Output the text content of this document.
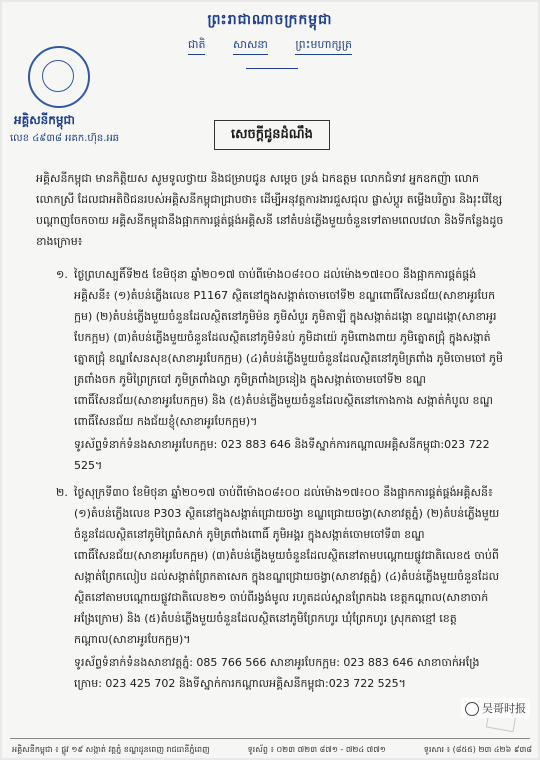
ព្រះរាជាណាចក្រកម្ពុជា
ជាតិ	សាសនា	ព្រះមហាក្សត្រ
អគ្គិសនីកម្ពុជា
លេខ ៤៩៣៨ អគក.ហ៊ុន.អឆ	សេចក្តីជូនដំណឹង
អគ្គិសនីកម្ពុជា មានកិត្តិយស សូមទូលថ្វាយ និងជម្រាបជូន សម្តេច ទ្រង់ ឯកឧត្តម លោកជំទាវ អ្នកឧកញ៉ា លោក លោកស្រី ដែលជាអតិថិជនរបស់អគ្គិសនីកម្ពុជាជ្រាបថា៖ ដើម្បីអនុវត្តការងារជួសជុល ផ្លាស់ប្តូរ តម្លើងបរិក្ខារ និងរុះរើខ្សែបណ្តាញចែកចាយ អគ្គិសនីកម្ពុជានឹងផ្អាកការផ្គត់ផ្គង់អគ្គិសនី នៅតំបន់ភ្លើងមួយចំនួនទៅតាមពេលវេលា និងទីកន្លែងដូចខាងក្រោម៖
១. ថ្ងៃព្រហស្បតិ៍ទី២៥ ខែមិថុនា ឆ្នាំ២០១៧ ចាប់ពីម៉ោង០៨៖០០ ដល់ម៉ោង១៧៖០០ នឹងផ្អាកការផ្គត់ផ្គង់អគ្គិសនី៖ (១)តំបន់ភ្លើងលេខ P1167 ស្ថិតនៅក្នុងសង្កាត់ចោមចៅទី២ ខណ្ឌពោធិ៍សែនជ័យ(សាខាអូរបែកក្អម) (២)តំបន់ភ្លើងមួយចំនួនដែលស្ថិតនៅភូមិម៉ន ភូមិសំបួរ ភូមិតាឡី ក្នុងសង្កាត់ដង្កោ ខណ្ឌដង្កោ(សាខាអូរបែកក្អម) (៣)តំបន់ភ្លើងមួយចំនួនដែលស្ថិតនៅភូមិទំនប់ ភូមិដាយ៉េ ភូមិពោងពាយ ភូមិត្នោតជ្រុំ ក្នុងសង្កាត់ត្នោតជ្រុំ ខណ្ឌសែនសុខ(សាខាអូរបែកក្អម) (៤)តំបន់ភ្លើងមួយចំនួនដែលស្ថិតនៅភូមិត្រពាំង ភូមិចោមចៅ ភូមិត្រពាំងចក ភូមិព្រៃក្របៅ ភូមិត្រពាំងល្វា ភូមិត្រពាំងច្រនៀង ក្នុងសង្កាត់ចោមចៅទី២ ខណ្ឌពោធិ៍សែនជ័យ(សាខាអូរបែកក្អម) និង (៥)តំបន់ភ្លើងមួយចំនួនដែលស្ថិតនៅកោងកាង សង្កាត់កំបូល ខណ្ឌពោធិ៍សែនជ័យ កងជ័យខ្ញុំ(សាខាអូរបែកក្អម)។
ទូរស័ព្ទទំនាក់ទំនងសាខាអូរបែកក្អម: 023 883 646 និងទីស្នាក់ការកណ្តាលអគ្គិសនីកម្ពុជា:023 722 525។
២. ថ្ងៃសុក្រទី៣០ ខែមិថុនា ឆ្នាំ២០១៧ ចាប់ពីម៉ោង០៨៖០០ ដល់ម៉ោង១៧៖០០ នឹងផ្អាកការផ្គត់ផ្គង់អគ្គិសនី៖ (១)តំបន់ភ្លើងលេខ P303 ស្ថិតនៅក្នុងសង្កាត់ជ្រោយចង្វា ខណ្ឌជ្រោយចង្វា(សាខាវត្តភ្នំ) (២)តំបន់ភ្លើងមួយចំនួនដែលស្ថិតនៅភូមិព្រៃធំសាក់ ភូមិត្រពាំងពោធិ៍ ភូមិអង្គរ ក្នុងសង្កាត់ចោមចៅទី៣ ខណ្ឌពោធិ៍សែនជ័យ(សាខាអូរបែកក្អម) (៣)តំបន់ភ្លើងមួយចំនួនដែលស្ថិតនៅតាមបណ្តោយផ្លូវជាតិលេខ៥ ចាប់ពីសង្កាត់ព្រែកលៀប ដល់សង្កាត់ព្រែកតាសេក ក្នុងខណ្ឌជ្រោយចង្វា(សាខាវត្តភ្នំ) (៤)តំបន់ភ្លើងមួយចំនួនដែលស្ថិតនៅតាមបណ្តោយផ្លូវជាតិលេខ២១ ចាប់ពីរង្វង់មូល រហូតដល់ស្ពានព្រែកឯង ខេត្តកណ្តាល(សាខាចាក់អង្រែក្រោម) និង (៥)តំបន់ភ្លើងមួយចំនួនដែលស្ថិតនៅភូមិព្រែកហូរ ឃុំព្រែកហូរ ស្រុកតាខ្មៅ ខេត្តកណ្តាល(សាខាអូរបែកក្អម)។
ទូរស័ព្ទទំនាក់ទំនងសាខាវត្តភ្នំ: 085 766 566 សាខាអូរបែកក្អម: 023 883 646 សាខាចាក់អង្រែក្រោម: 023 425 702 និងទីស្នាក់ការកណ្តាលអគ្គិសនីកម្ពុជា:023 722 525។
អគ្គិសនីកម្ពុជា ៖ ផ្លូវ ១៩ សង្កាត់ វត្តភ្នំ ខណ្ឌដូនពេញ រាជធានីភ្នំពេញ	ទូរស័ព្ទ ៖ ០២៣ ៧២៣ ៨៧១ - ៧២៤ ៧៧១	ទូរសារ ៖ (៨៥៥) ២៣ ៤២៦ ៩៣៨
吴哥时报
